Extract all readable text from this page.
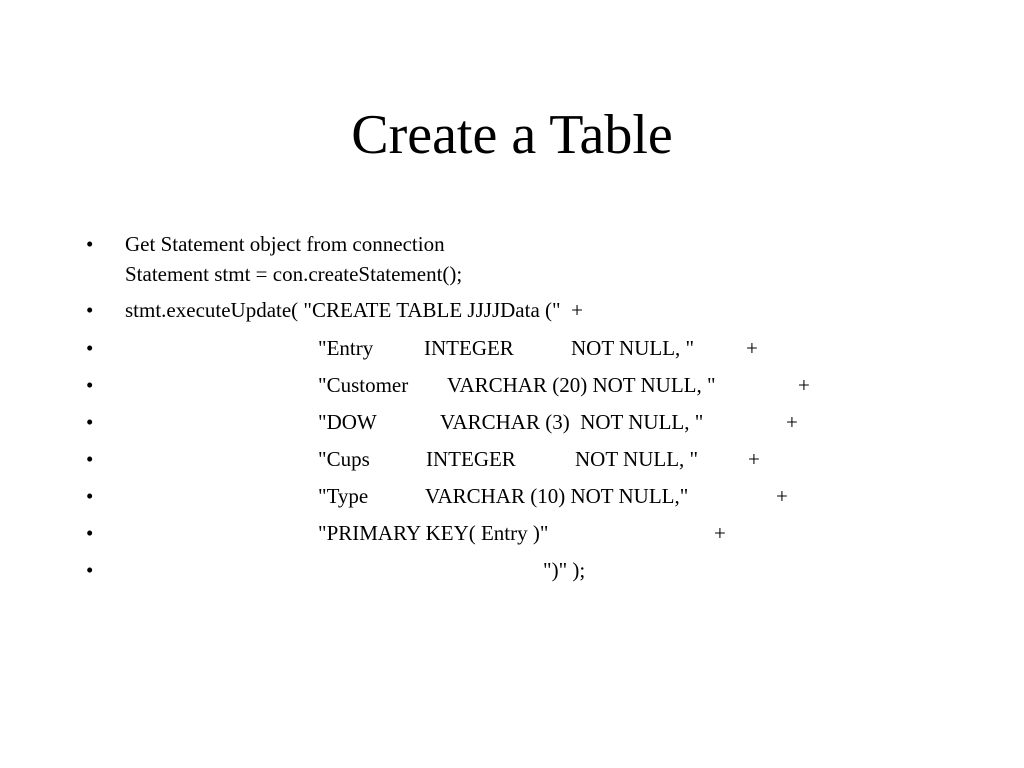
Create a Table
• Get Statement object from connection
Statement stmt = con.createStatement();
• stmt.executeUpdate( "CREATE TABLE JJJJData ("  +
•	"Entry INTEGER	NOT NULL, " +
•	"Customer VARCHAR (20) NOT NULL, "	+
•	"DOW	VARCHAR (3)  NOT NULL, "	+
•	"Cups	INTEGER	NOT NULL, " +
•	"Type	VARCHAR (10) NOT NULL,"	+
•	"PRIMARY KEY( Entry )"	+
•	")" );
